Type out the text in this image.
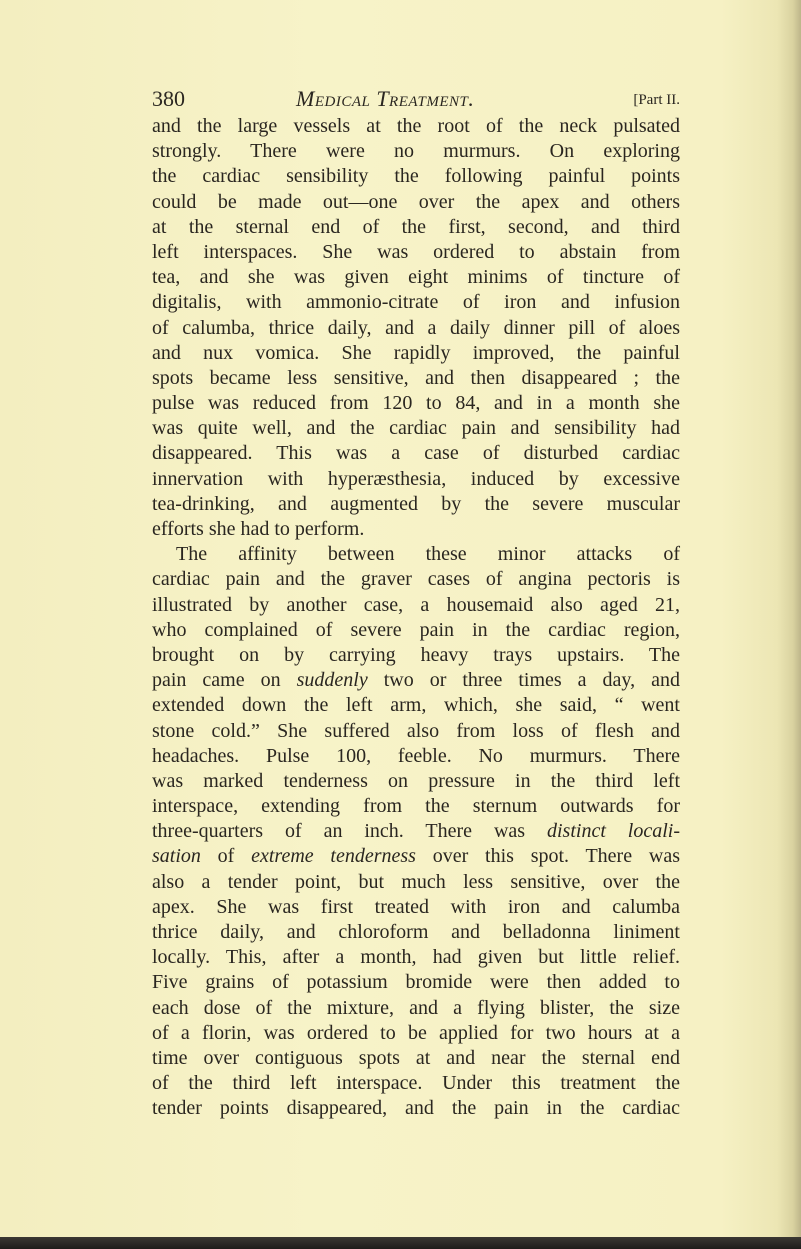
380	Medical Treatment.	[Part II.
and the large vessels at the root of the neck pulsated
strongly. There were no murmurs. On exploring
the cardiac sensibility the following painful points
could be made out—one over the apex and others
at the sternal end of the first, second, and third
left interspaces. She was ordered to abstain from
tea, and she was given eight minims of tincture of
digitalis, with ammonio-citrate of iron and infusion
of calumba, thrice daily, and a daily dinner pill of aloes
and nux vomica. She rapidly improved, the painful
spots became less sensitive, and then disappeared ; the
pulse was reduced from 120 to 84, and in a month she
was quite well, and the cardiac pain and sensibility had
disappeared. This was a case of disturbed cardiac
innervation with hyperæsthesia, induced by excessive
tea-drinking, and augmented by the severe muscular
efforts she had to perform.
The affinity between these minor attacks of
cardiac pain and the graver cases of angina pectoris is
illustrated by another case, a housemaid also aged 21,
who complained of severe pain in the cardiac region,
brought on by carrying heavy trays upstairs. The
pain came on suddenly two or three times a day, and
extended down the left arm, which, she said, “ went
stone cold.” She suffered also from loss of flesh and
headaches. Pulse 100, feeble. No murmurs. There
was marked tenderness on pressure in the third left
interspace, extending from the sternum outwards for
three-quarters of an inch. There was distinct locali-
sation of extreme tenderness over this spot. There was
also a tender point, but much less sensitive, over the
apex. She was first treated with iron and calumba
thrice daily, and chloroform and belladonna liniment
locally. This, after a month, had given but little relief.
Five grains of potassium bromide were then added to
each dose of the mixture, and a flying blister, the size
of a florin, was ordered to be applied for two hours at a
time over contiguous spots at and near the sternal end
of the third left interspace. Under this treatment the
tender points disappeared, and the pain in the cardiac
